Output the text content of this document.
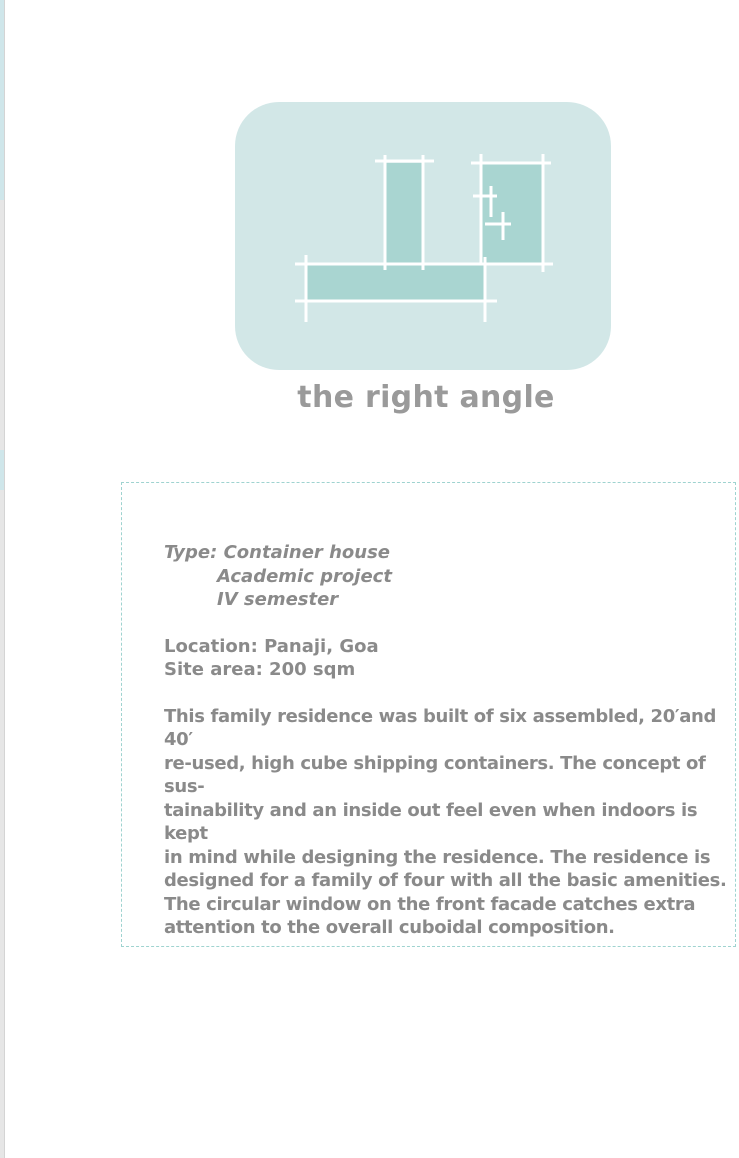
the right angle
Type: Container house
Academic project
IV semester
Location: Panaji, Goa
Site area: 200 sqm
This family residence was built of six assembled, 20′and 40′
re-used, high cube shipping containers. The concept of sus-
tainability and an inside out feel even when indoors is kept
in mind while designing the residence. The residence is
designed for a family of four with all the basic amenities.
The circular window on the front facade catches extra
attention to the overall cuboidal composition.
